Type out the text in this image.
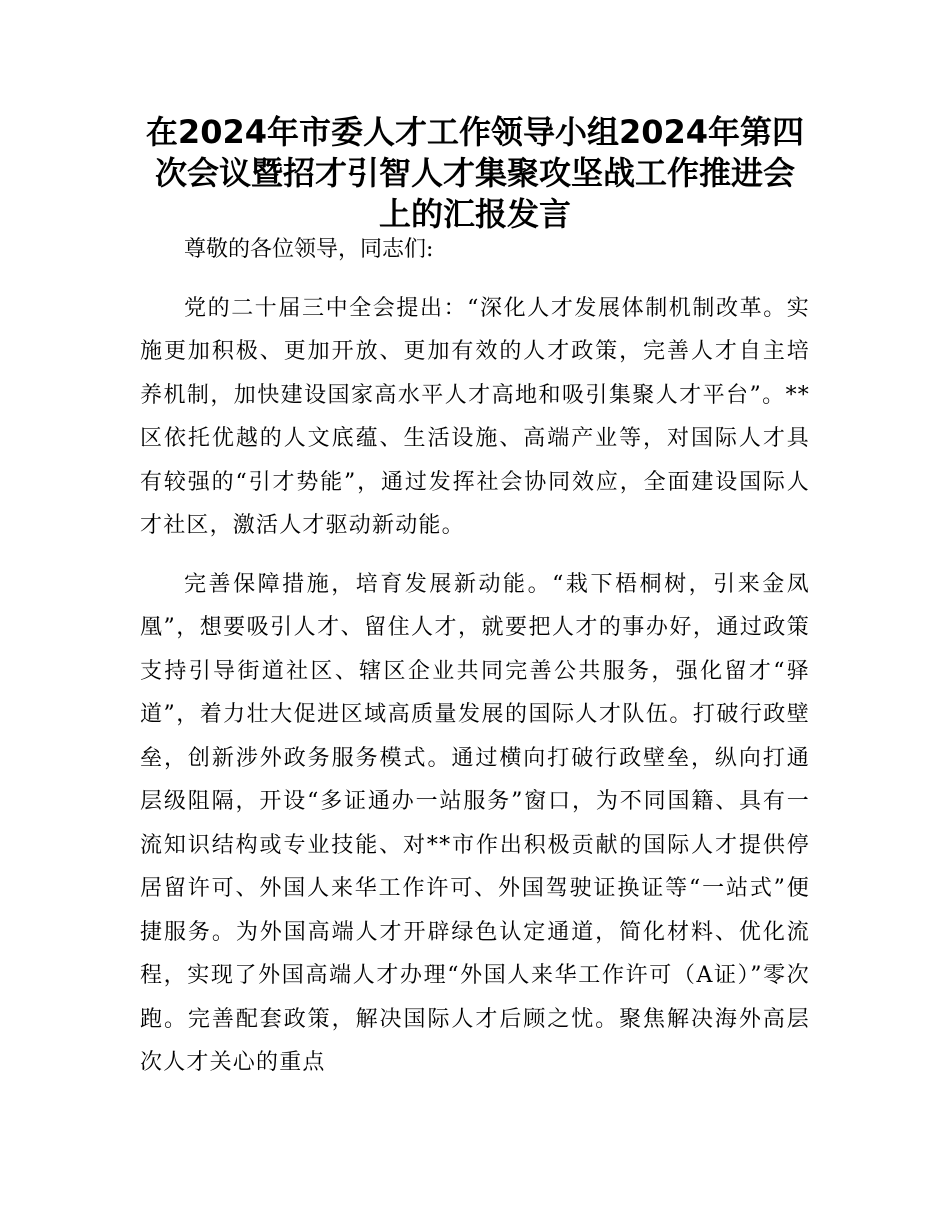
在2024年市委人才工作领导小组2024年第四次会议暨招才引智人才集聚攻坚战工作推进会上的汇报发言

尊敬的各位领导，同志们:

党的二十届三中全会提出：“深化人才发展体制机制改革。实施更加积极、更加开放、更加有效的人才政策，完善人才自主培养机制，加快建设国家高水平人才高地和吸引集聚人才平台”。**区依托优越的人文底蕴、生活设施、高端产业等，对国际人才具有较强的“引才势能”，通过发挥社会协同效应，全面建设国际人才社区，激活人才驱动新动能。

完善保障措施，培育发展新动能。“栽下梧桐树，引来金凤凰”，想要吸引人才、留住人才，就要把人才的事办好，通过政策支持引导街道社区、辖区企业共同完善公共服务，强化留才“驿道”，着力壮大促进区域高质量发展的国际人才队伍。打破行政壁垒，创新涉外政务服务模式。通过横向打破行政壁垒，纵向打通层级阻隔，开设“多证通办一站服务”窗口，为不同国籍、具有一流知识结构或专业技能、对**市作出积极贡献的国际人才提供停居留许可、外国人来华工作许可、外国驾驶证换证等“一站式”便捷服务。为外国高端人才开辟绿色认定通道，简化材料、优化流程，实现了外国高端人才办理“外国人来华工作许可（A证）”零次跑。完善配套政策，解决国际人才后顾之忧。聚焦解决海外高层次人才关心的重点
